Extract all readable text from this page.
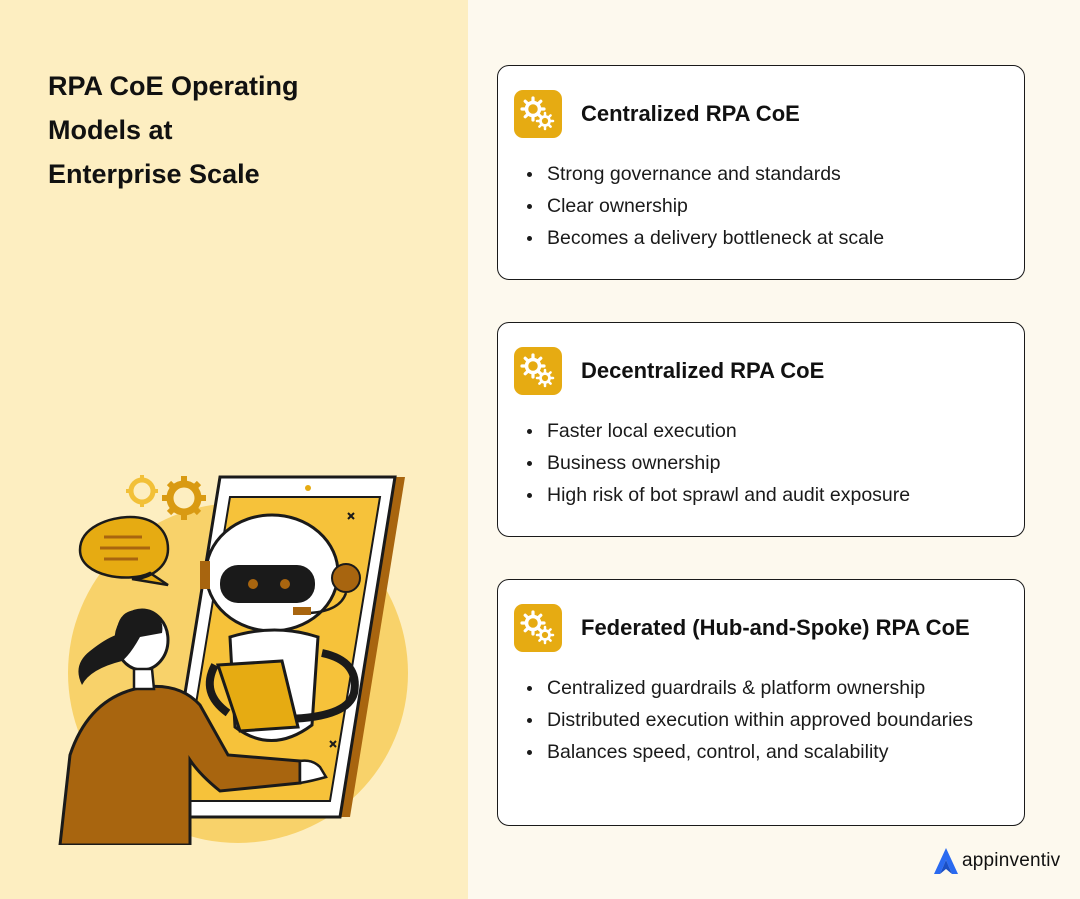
RPA CoE Operating
Models at
Enterprise Scale
Centralized RPA CoE
Strong governance and standards
Clear ownership
Becomes a delivery bottleneck at scale
Decentralized RPA CoE
Faster local execution
Business ownership
High risk of bot sprawl and audit exposure
Federated (Hub-and-Spoke) RPA CoE
Centralized guardrails & platform ownership
Distributed execution within approved boundaries
Balances speed, control, and scalability
appinventiv
